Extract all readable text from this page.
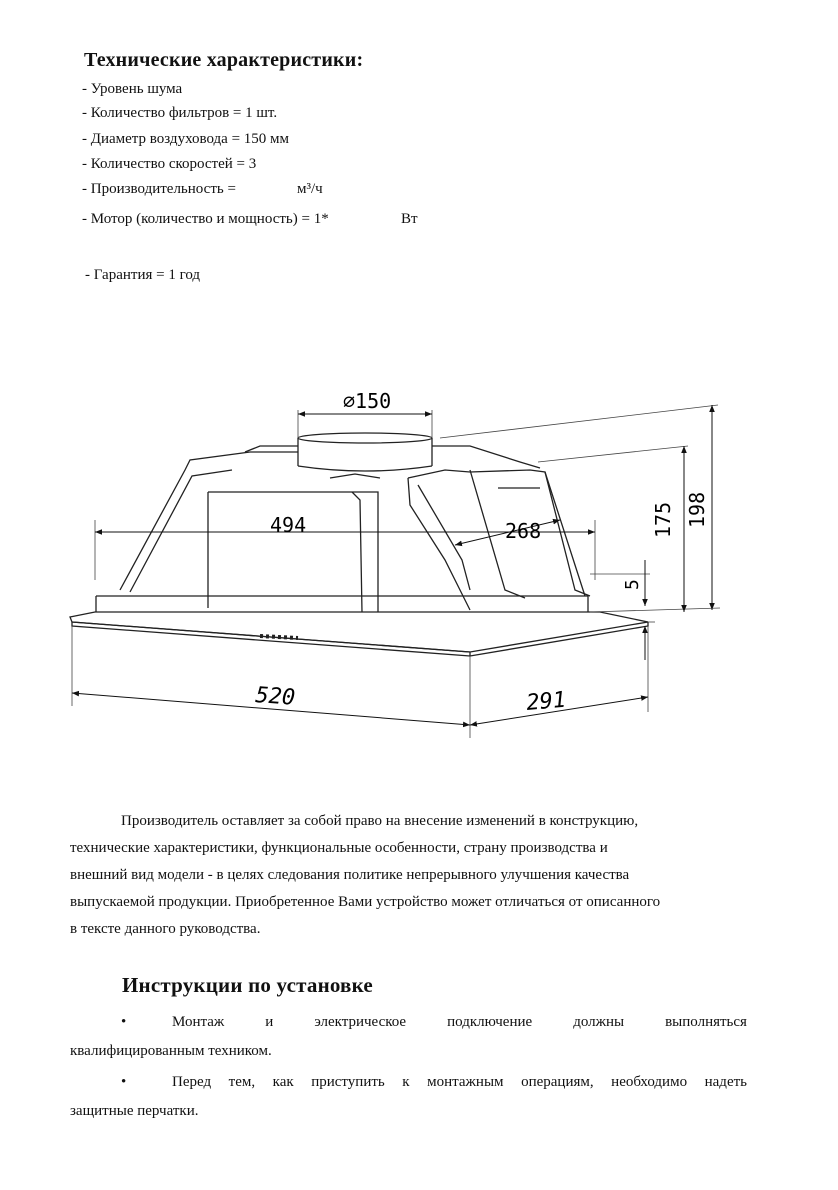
Технические характеристики:
- Уровень шума
- Количество фильтров = 1 шт.
- Диаметр воздуховода = 150 мм
- Количество скоростей = 3
- Производительность =	м³/ч
- Мотор (количество и мощность) = 1*	Вт
- Гарантия = 1 год
⌀150
494	268	175 198
5
520	291
Производитель оставляет за собой право на внесение изменений в конструкцию,
технические характеристики, функциональные особенности, страну производства и
внешний вид модели - в целях следования политике непрерывного улучшения качества
выпускаемой продукции. Приобретенное Вами устройство может отличаться от описанного
в тексте данного руководства.
Инструкции по установке
•	Монтаж	и	электрическое	подключение	должны	выполняться
квалифицированным техником.
•	Перед тем, как приступить к монтажным операциям, необходимо надеть
защитные перчатки.
